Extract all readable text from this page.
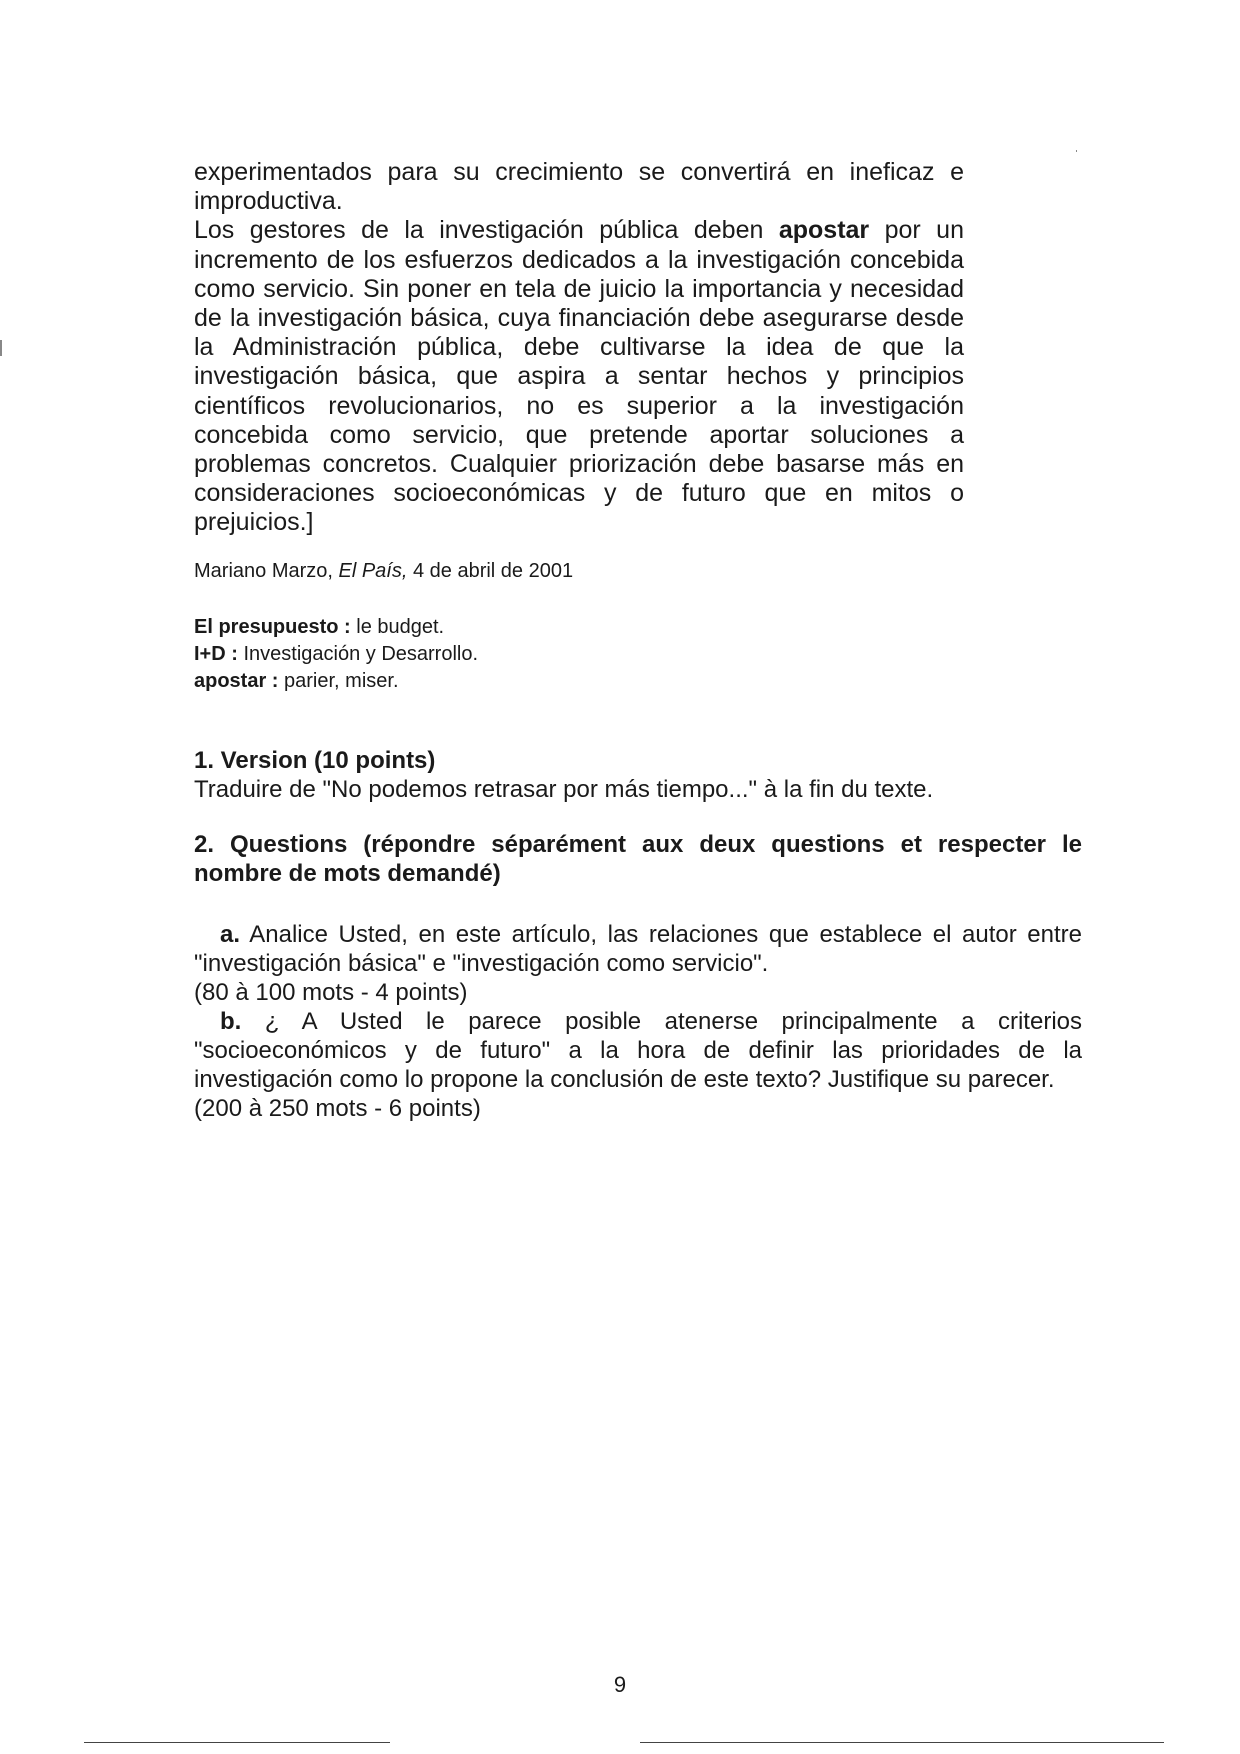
experimentados para su crecimiento se convertirá en ineficaz e improductiva.

Los gestores de la investigación pública deben apostar por un incremento de los esfuerzos dedicados a la investigación concebida como servicio. Sin poner en tela de juicio la importancia y necesidad de la investigación básica, cuya financiación debe asegurarse desde la Administración pública, debe cultivarse la idea de que la investigación básica, que aspira a sentar hechos y principios científicos revolucionarios, no es superior a la investigación concebida como servicio, que pretende aportar soluciones a problemas concretos. Cualquier priorización debe basarse más en consideraciones socioeconómicas y de futuro que en mitos o prejuicios.]

Mariano Marzo, El País, 4 de abril de 2001
El presupuesto : le budget.
I+D : Investigación y Desarrollo.
apostar : parier, miser.
1. Version (10 points)
Traduire de "No podemos retrasar por más tiempo..." à la fin du texte.
2. Questions (répondre séparément aux deux questions et respecter le nombre de mots demandé)

a. Analice Usted, en este artículo, las relaciones que establece el autor entre "investigación básica" e "investigación como servicio".

(80 à 100 mots - 4 points)

b. ¿ A Usted le parece posible atenerse principalmente a criterios "socioeconómicos y de futuro" a la hora de definir las prioridades de la investigación como lo propone la conclusión de este texto? Justifique su parecer.

(200 à 250 mots - 6 points)

9
